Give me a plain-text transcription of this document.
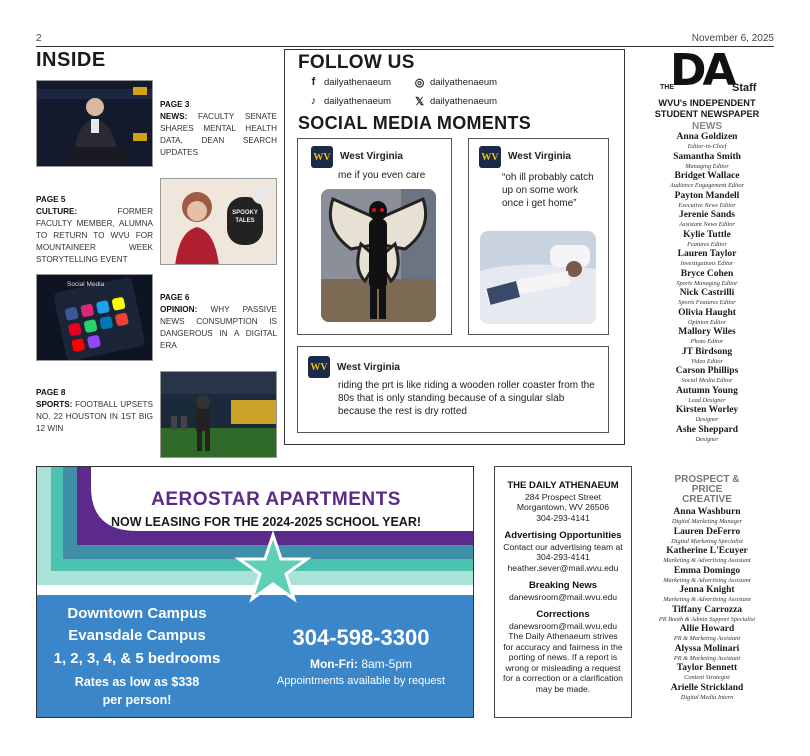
2	November 6, 2025
INSIDE
PAGE 3
NEWS: FACULTY SENATE SHARES MENTAL HEALTH DATA, DEAN SEARCH UPDATES
PAGE 5
CULTURE:	FORMER FACULTY MEMBER, ALUMNA TO RETURN TO WVU FOR MOUNTAINEER WEEK STORYTELLING EVENT
SPOOKY TALES
Social Media
PAGE 6
OPINION: WHY PASSIVE NEWS CONSUMPTION IS DANGEROUS IN A DIGITAL ERA
PAGE 8
SPORTS: FOOTBALL UPSETS NO. 22 HOUSTON IN 1ST BIG 12 WIN
FOLLOW US
f dailyathenaeum ◎ dailyathenaeum
♪ dailyathenaeum 𝕏 dailyathenaeum
SOCIAL MEDIA MOMENTS
WV West Virginia
me if you even care
WV West Virginia
“oh ill probably catch up on some work once i get home”
WV West Virginia
riding the prt is like riding a wooden roller coaster from the 80s that is only standing because of a singular slab because the rest is dry rotted
DA
THE	Staff
WVU's INDEPENDENT STUDENT NEWSPAPER
NEWS
Anna Goldizen
Editor-in-Chief
Samantha Smith
Managing Editor
Bridget Wallace
Audience Engagement Editor
Payton Mandell
Executive News Editor
Jerenie Sands
Assistant News Editor
Kylie Tuttle
Features Editor
Lauren Taylor
Investigations Editor
Bryce Cohen
Sports Managing Editor
Nick Castrilli
Sports Features Editor
Olivia Haught
Opinion Editor
Mallory Wiles
Photo Editor
JT Birdsong
Video Editor
Carson Phillips
Social Media Editor
Autumn Young
Lead Designer
Kirsten Worley
Designer
Ashe Sheppard
Designer
PROSPECT & PRICE CREATIVE
Anna Washburn
Digital Marketing Manager
Lauren DeFerro
Digital Marketing Specialist
Katherine L'Ecuyer
Marketing & Advertising Assistant
Emma Domingo
Marketing & Advertising Assistant
Jenna Knight
Marketing & Advertising Assistant
Tiffany Carrozza
PR Booth & Admin Support Specialist
Allie Howard
PR & Marketing Assistant
Alyssa Molinari
PR & Marketing Assistant
Taylor Bennett
Content Strategist
Arielle Strickland
Digital Media Intern
AEROSTAR APARTMENTS
NOW LEASING FOR THE 2024-2025 SCHOOL YEAR!
Downtown Campus
Evansdale Campus
1, 2, 3, 4, & 5 bedrooms
Rates as low as $338
per person!
304-598-3300
Mon-Fri: 8am-5pm
Appointments available by request
THE DAILY ATHENAEUM
284 Prospect Street
Morgantown, WV 26506
304-293-4141
Advertising Opportunities
Contact our advertising team at
304-293-4141
heather.sever@mail.wvu.edu
Breaking News
danewsroom@mail.wvu.edu
Corrections
danewsroom@mail.wvu.edu
The Daily Athenaeum strives
for accuracy and fairness in the
porting of news. If a report is
wrong or misleading a request
for a correction or a clarification
may be made.
